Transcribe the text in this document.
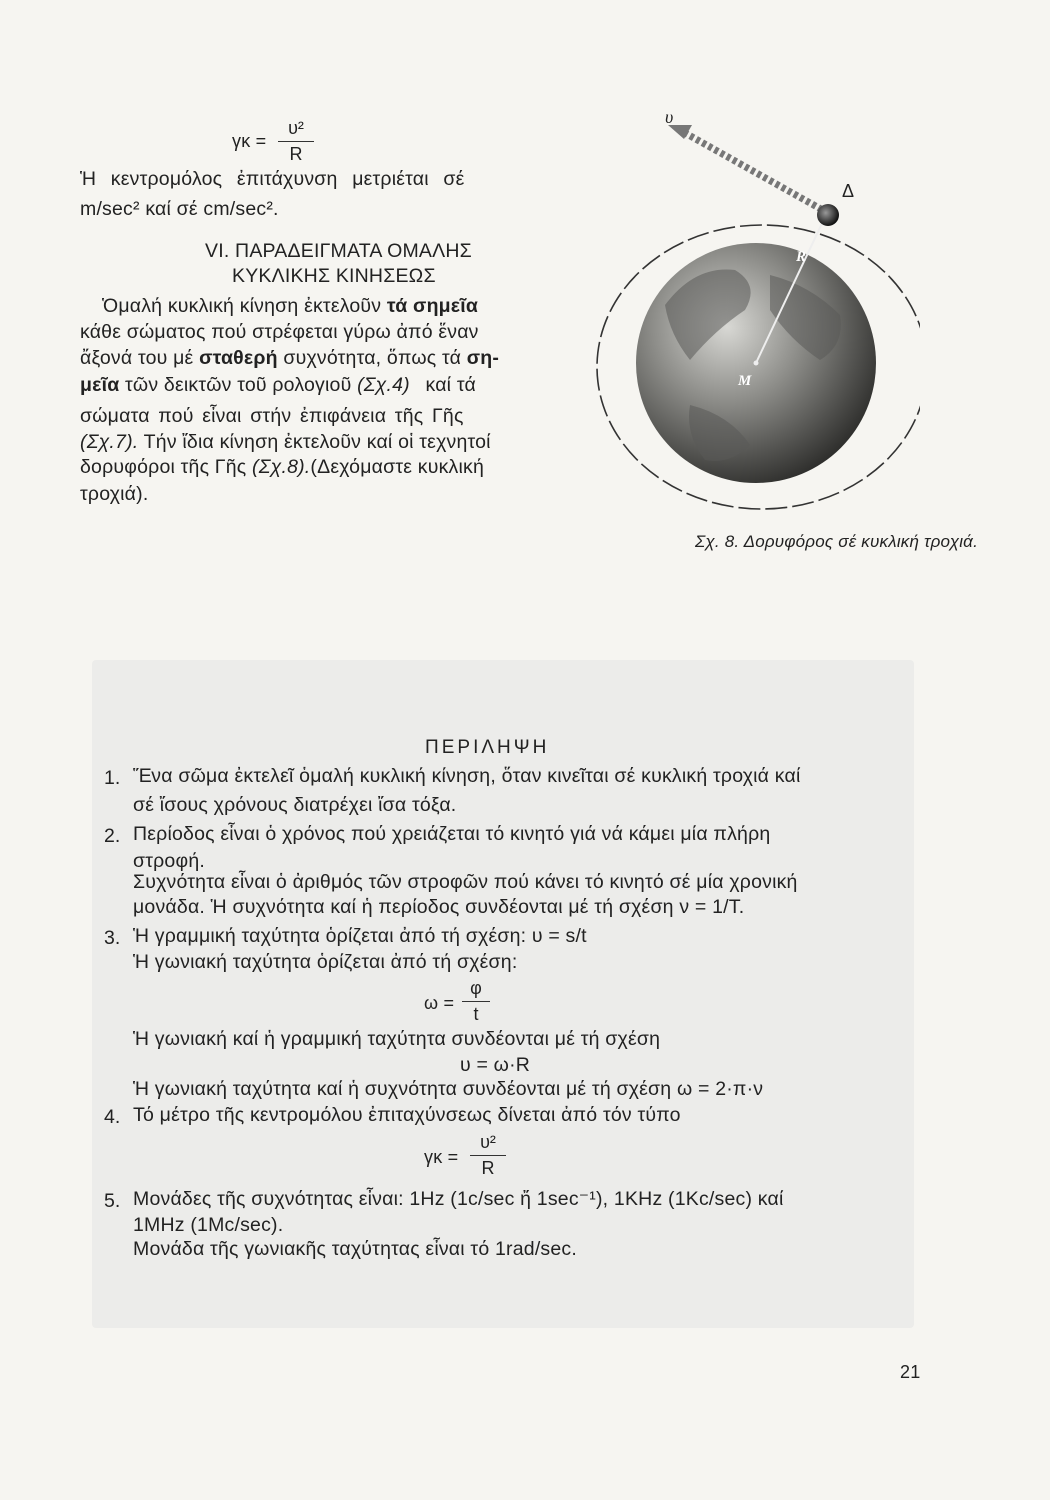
$\gamma\kappa = \frac{\text{υ²}}{R}$
Ἡ κεντρομόλος ἐπιτάχυνση μετριέται σέ
m/sec² καί σέ cm/sec².
VI. ΠΑΡΑΔΕΙΓΜΑΤΑ ΟΜΑΛΗΣ
ΚΥΚΛΙΚΗΣ ΚΙΝΗΣΕΩΣ
Ὁμαλή κυκλική κίνηση ἐκτελοῦν τά σημεῖα
κάθε σώματος πού στρέφεται γύρω ἀπό ἕναν
ἄξονά του μέ σταθερή συχνότητα, ὅπως τά ση-
μεῖα τῶν δεικτῶν τοῦ ρολογιοῦ (Σχ.4) καί τά
σώματα πού εἶναι στήν ἐπιφάνεια τῆς Γῆς
(Σχ.7). Τήν ἴδια κίνηση ἐκτελοῦν καί οἱ τεχνητοί
δορυφόροι τῆς Γῆς (Σχ.8).(Δεχόμαστε κυκλική
τροχιά).
υ
Δ
R
M
Σχ. 8. Δορυφόρος σέ κυκλική τροχιά.
ΠΕΡΙΛΗΨΗ
1. Ἕνα σῶμα ἐκτελεῖ ὁμαλή κυκλική κίνηση, ὅταν κινεῖται σέ κυκλική τροχιά καί
σέ ἴσους χρόνους διατρέχει ἴσα τόξα.
2. Περίοδος εἶναι ὁ χρόνος πού χρειάζεται τό κινητό γιά νά κάμει μία πλήρη
στροφή.
Συχνότητα εἶναι ὁ ἀριθμός τῶν στροφῶν πού κάνει τό κινητό σέ μία χρονική
μονάδα. Ἡ συχνότητα καί ἡ περίοδος συνδέονται μέ τή σχέση ν = 1/Τ.
3. Ἡ γραμμική ταχύτητα ὁρίζεται ἀπό τή σχέση: υ = s/t
Ἡ γωνιακή ταχύτητα ὁρίζεται ἀπό τή σχέση:
$\omega = \frac{\varphi}{t}$
Ἡ γωνιακή καί ἡ γραμμική ταχύτητα συνδέονται μέ τή σχέση
υ = ω·R
Ἡ γωνιακή ταχύτητα καί ἡ συχνότητα συνδέονται μέ τή σχέση ω = 2·π·ν
4. Τό μέτρο τῆς κεντρομόλου ἐπιταχύνσεως δίνεται ἀπό τόν τύπο
$\gamma\kappa = \frac{\text{υ²}}{R}$
5. Μονάδες τῆς συχνότητας εἶναι: 1Hz (1c/sec ἤ 1sec⁻¹), 1KHz (1Kc/sec) καί
1MHz (1Mc/sec).
Μονάδα τῆς γωνιακῆς ταχύτητας εἶναι τό 1rad/sec.
21
